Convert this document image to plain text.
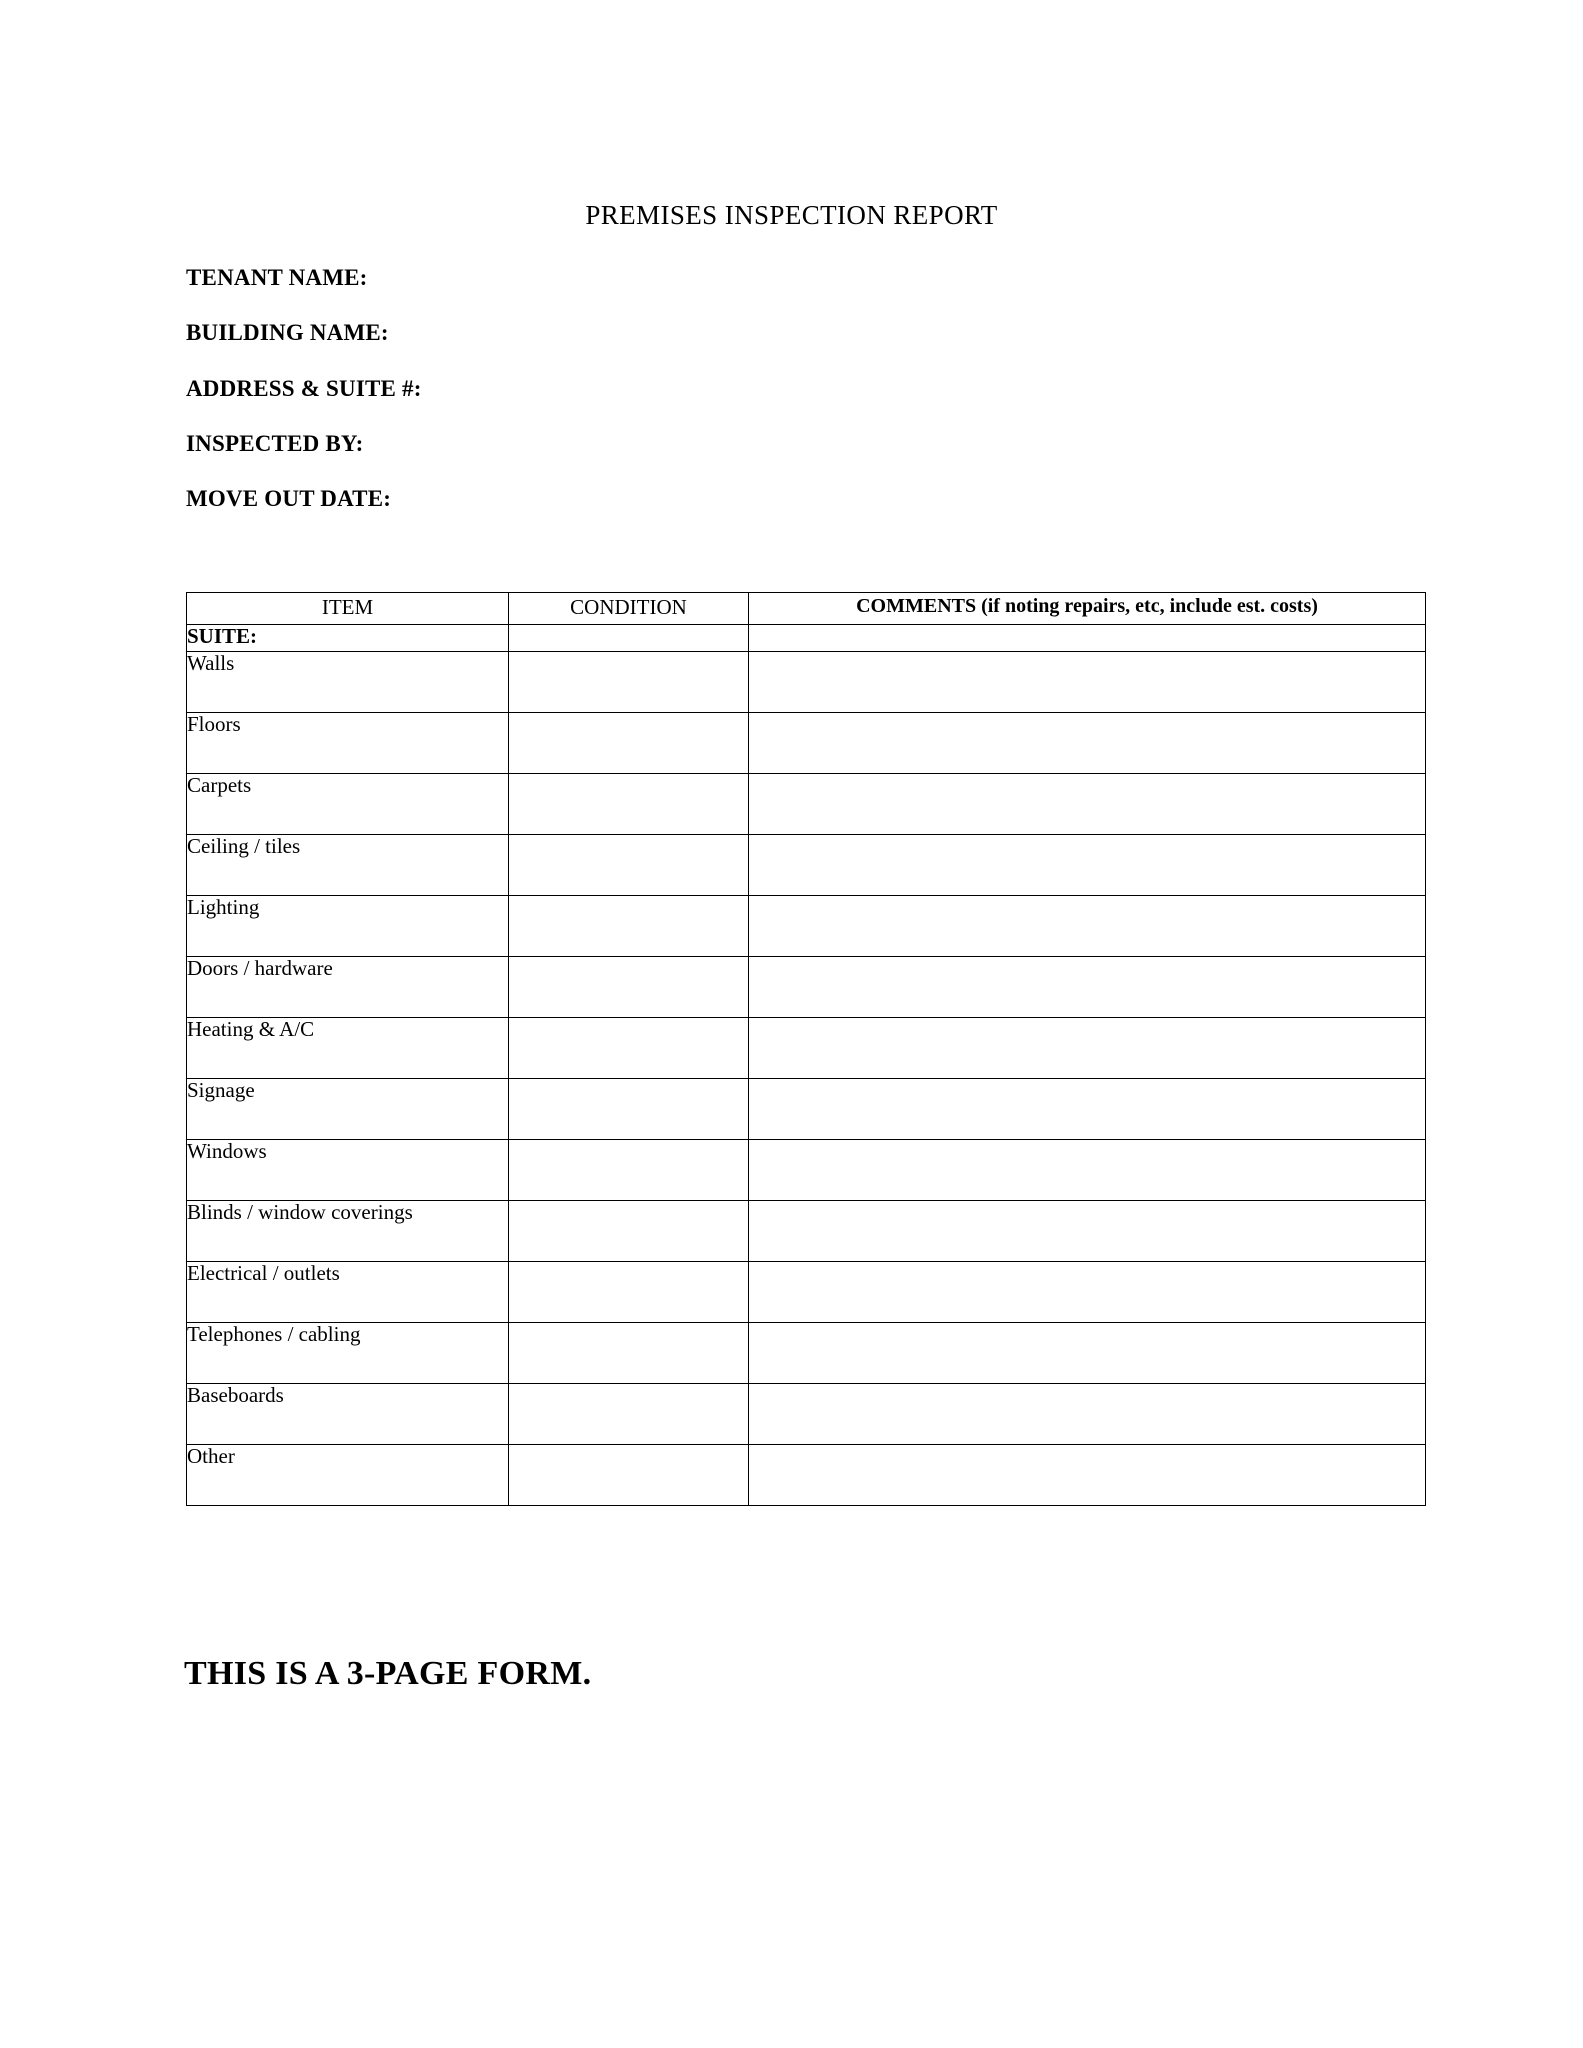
PREMISES INSPECTION REPORT
TENANT NAME:
BUILDING NAME:
ADDRESS & SUITE #:
INSPECTED BY:
MOVE OUT DATE:
ITEM	CONDITION	COMMENTS (if noting repairs, etc, include est. costs)
SUITE:		
Walls		
Floors		
Carpets		
Ceiling / tiles		
Lighting		
Doors / hardware		
Heating & A/C		
Signage		
Windows		
Blinds / window coverings		
Electrical / outlets		
Telephones / cabling		
Baseboards		
Other		
THIS IS A 3-PAGE FORM.
